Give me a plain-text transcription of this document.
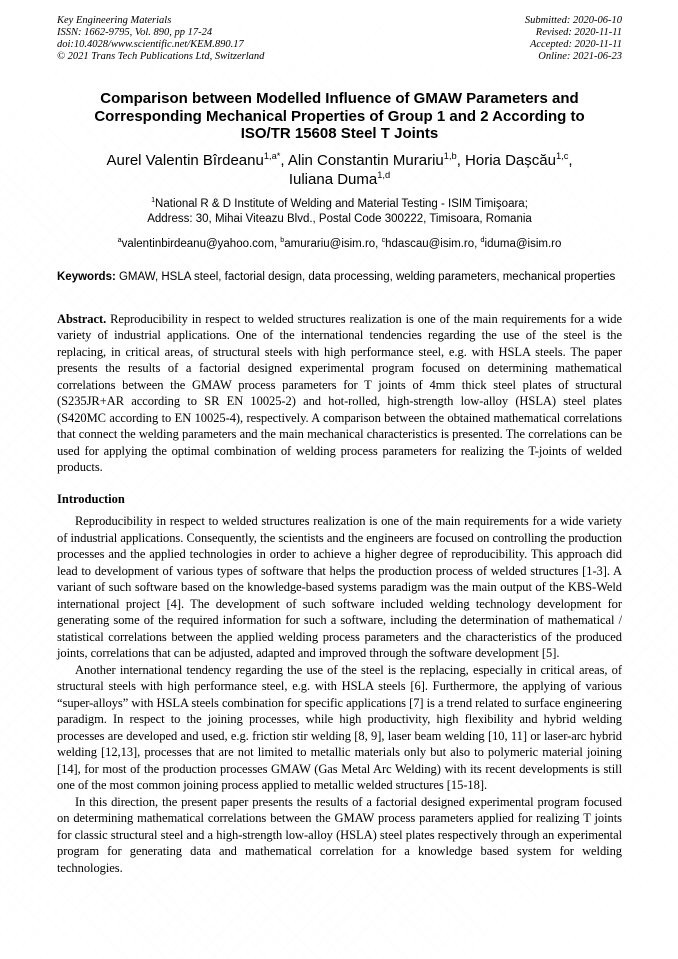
Key Engineering Materials
ISSN: 1662-9795, Vol. 890, pp 17-24
doi:10.4028/www.scientific.net/KEM.890.17
© 2021 Trans Tech Publications Ltd, Switzerland
Submitted: 2020-06-10
Revised: 2020-11-11
Accepted: 2020-11-11
Online: 2021-06-23
Comparison between Modelled Influence of GMAW Parameters and
Corresponding Mechanical Properties of Group 1 and 2 According to
ISO/TR 15608 Steel T Joints
Aurel Valentin Bîrdeanu$^{1,a*}$, Alin Constantin Murariu$^{1,b}$, Horia Dașcău$^{1,c}$,
Iuliana Duma$^{1,d}$
$^1$National R & D Institute of Welding and Material Testing - ISIM Timişoara;
Address: 30, Mihai Viteazu Blvd., Postal Code 300222, Timisoara, Romania
$^a$valentinbirdeanu@yahoo.com, $^b$amurariu@isim.ro, $^c$hdascau@isim.ro, $^d$iduma@isim.ro
Keywords: GMAW, HSLA steel, factorial design, data processing, welding parameters, mechanical properties
Abstract. Reproducibility in respect to welded structures realization is one of the main requirements for a wide variety of industrial applications. One of the international tendencies regarding the use of the steel is the replacing, in critical areas, of structural steels with high performance steel, e.g. with HSLA steels. The paper presents the results of a factorial designed experimental program focused on determining mathematical correlations between the GMAW process parameters for T joints of 4mm thick steel plates of structural (S235JR+AR according to SR EN 10025-2) and hot-rolled, high-strength low-alloy (HSLA) steel plates (S420MC according to EN 10025-4), respectively. A comparison between the obtained mathematical correlations that connect the welding parameters and the main mechanical characteristics is presented. The correlations can be used for applying the optimal combination of welding process parameters for realizing the T-joints of welded products.
Introduction

Reproducibility in respect to welded structures realization is one of the main requirements for a wide variety of industrial applications. Consequently, the scientists and the engineers are focused on controlling the production processes and the applied technologies in order to achieve a higher degree of reproducibility. This approach did lead to development of various types of software that helps the production process of welded structures [1-3]. A variant of such software based on the knowledge-based systems paradigm was the main output of the KBS-Weld international project [4]. The development of such software included welding technology development for generating some of the required information for such a software, including the determination of mathematical / statistical correlations between the applied welding process parameters and the characteristics of the produced joints, correlations that can be adjusted, adapted and improved through the software development [5].

Another international tendency regarding the use of the steel is the replacing, especially in critical areas, of structural steels with high performance steel, e.g. with HSLA steels [6]. Furthermore, the applying of various “super-alloys” with HSLA steels combination for specific applications [7] is a trend related to surface engineering paradigm. In respect to the joining processes, while high productivity, high flexibility and hybrid welding processes are developed and used, e.g. friction stir welding [8, 9], laser beam welding [10, 11] or laser-arc hybrid welding [12,13], processes that are not limited to metallic materials only but also to polymeric material joining [14], for most of the production processes GMAW (Gas Metal Arc Welding) with its recent developments is still one of the most common joining process applied to metallic welded structures [15-18].

In this direction, the present paper presents the results of a factorial designed experimental program focused on determining mathematical correlations between the GMAW process parameters applied for realizing T joints for classic structural steel and a high-strength low-alloy (HSLA) steel plates respectively through an experimental program for generating data and mathematical correlation for a knowledge based system for welding technologies.
